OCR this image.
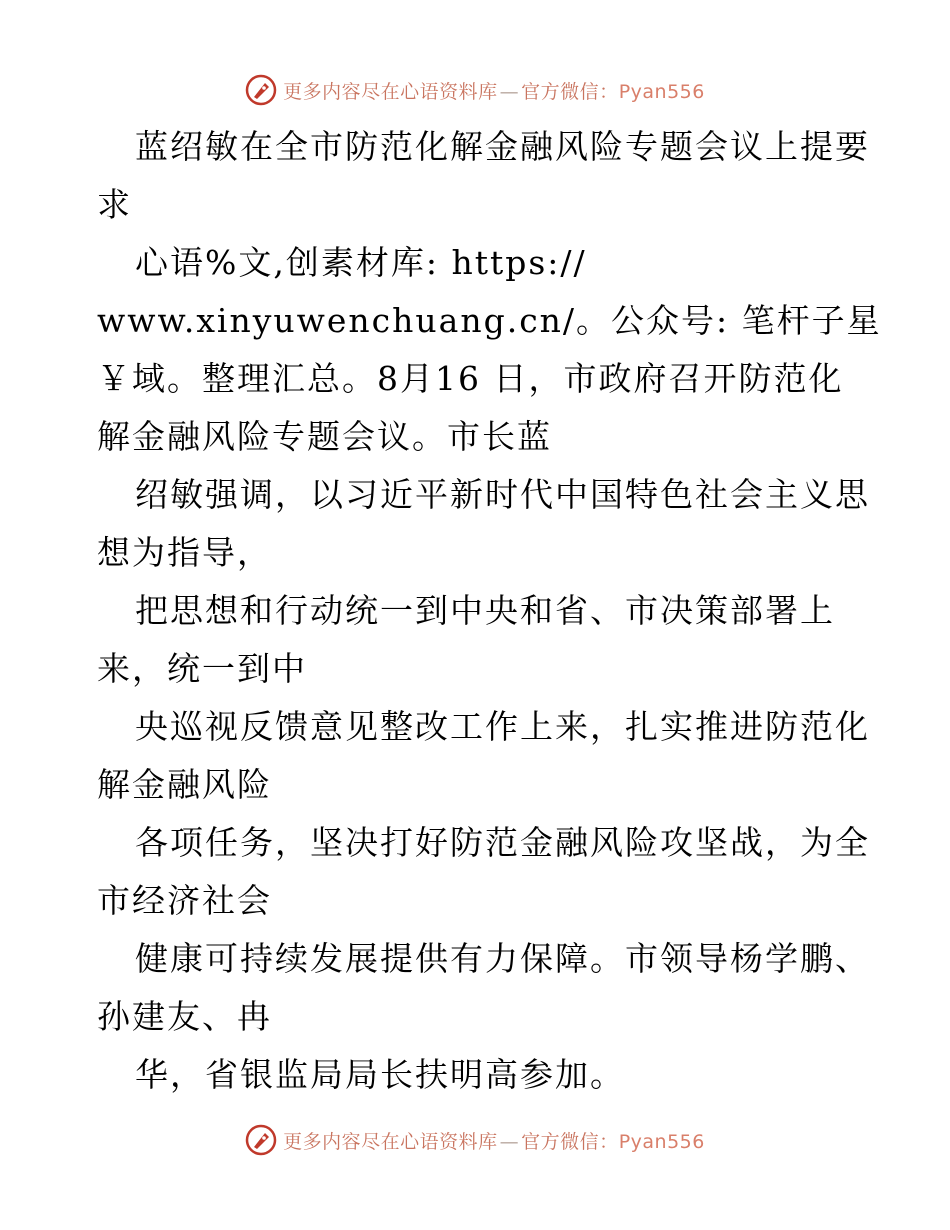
更多内容尽在心语资料库 — 官方微信：Pyan556
蓝绍敏在全市防范化解金融风险专题会议上提要
求
心语%文,创素材库: https://
www.xinyuwenchuang.cn/。公众号: 笔杆子星
￥域。整理汇总。8月16 日，市政府召开防范化
解金融风险专题会议。市长蓝
绍敏强调，以习近平新时代中国特色社会主义思
想为指导，
把思想和行动统一到中央和省、市决策部署上
来，统一到中
央巡视反馈意见整改工作上来，扎实推进防范化
解金融风险
各项任务，坚决打好防范金融风险攻坚战，为全
市经济社会
健康可持续发展提供有力保障。市领导杨学鹏、
孙建友、冉
华，省银监局局长扶明高参加。
更多内容尽在心语资料库 — 官方微信：Pyan556
